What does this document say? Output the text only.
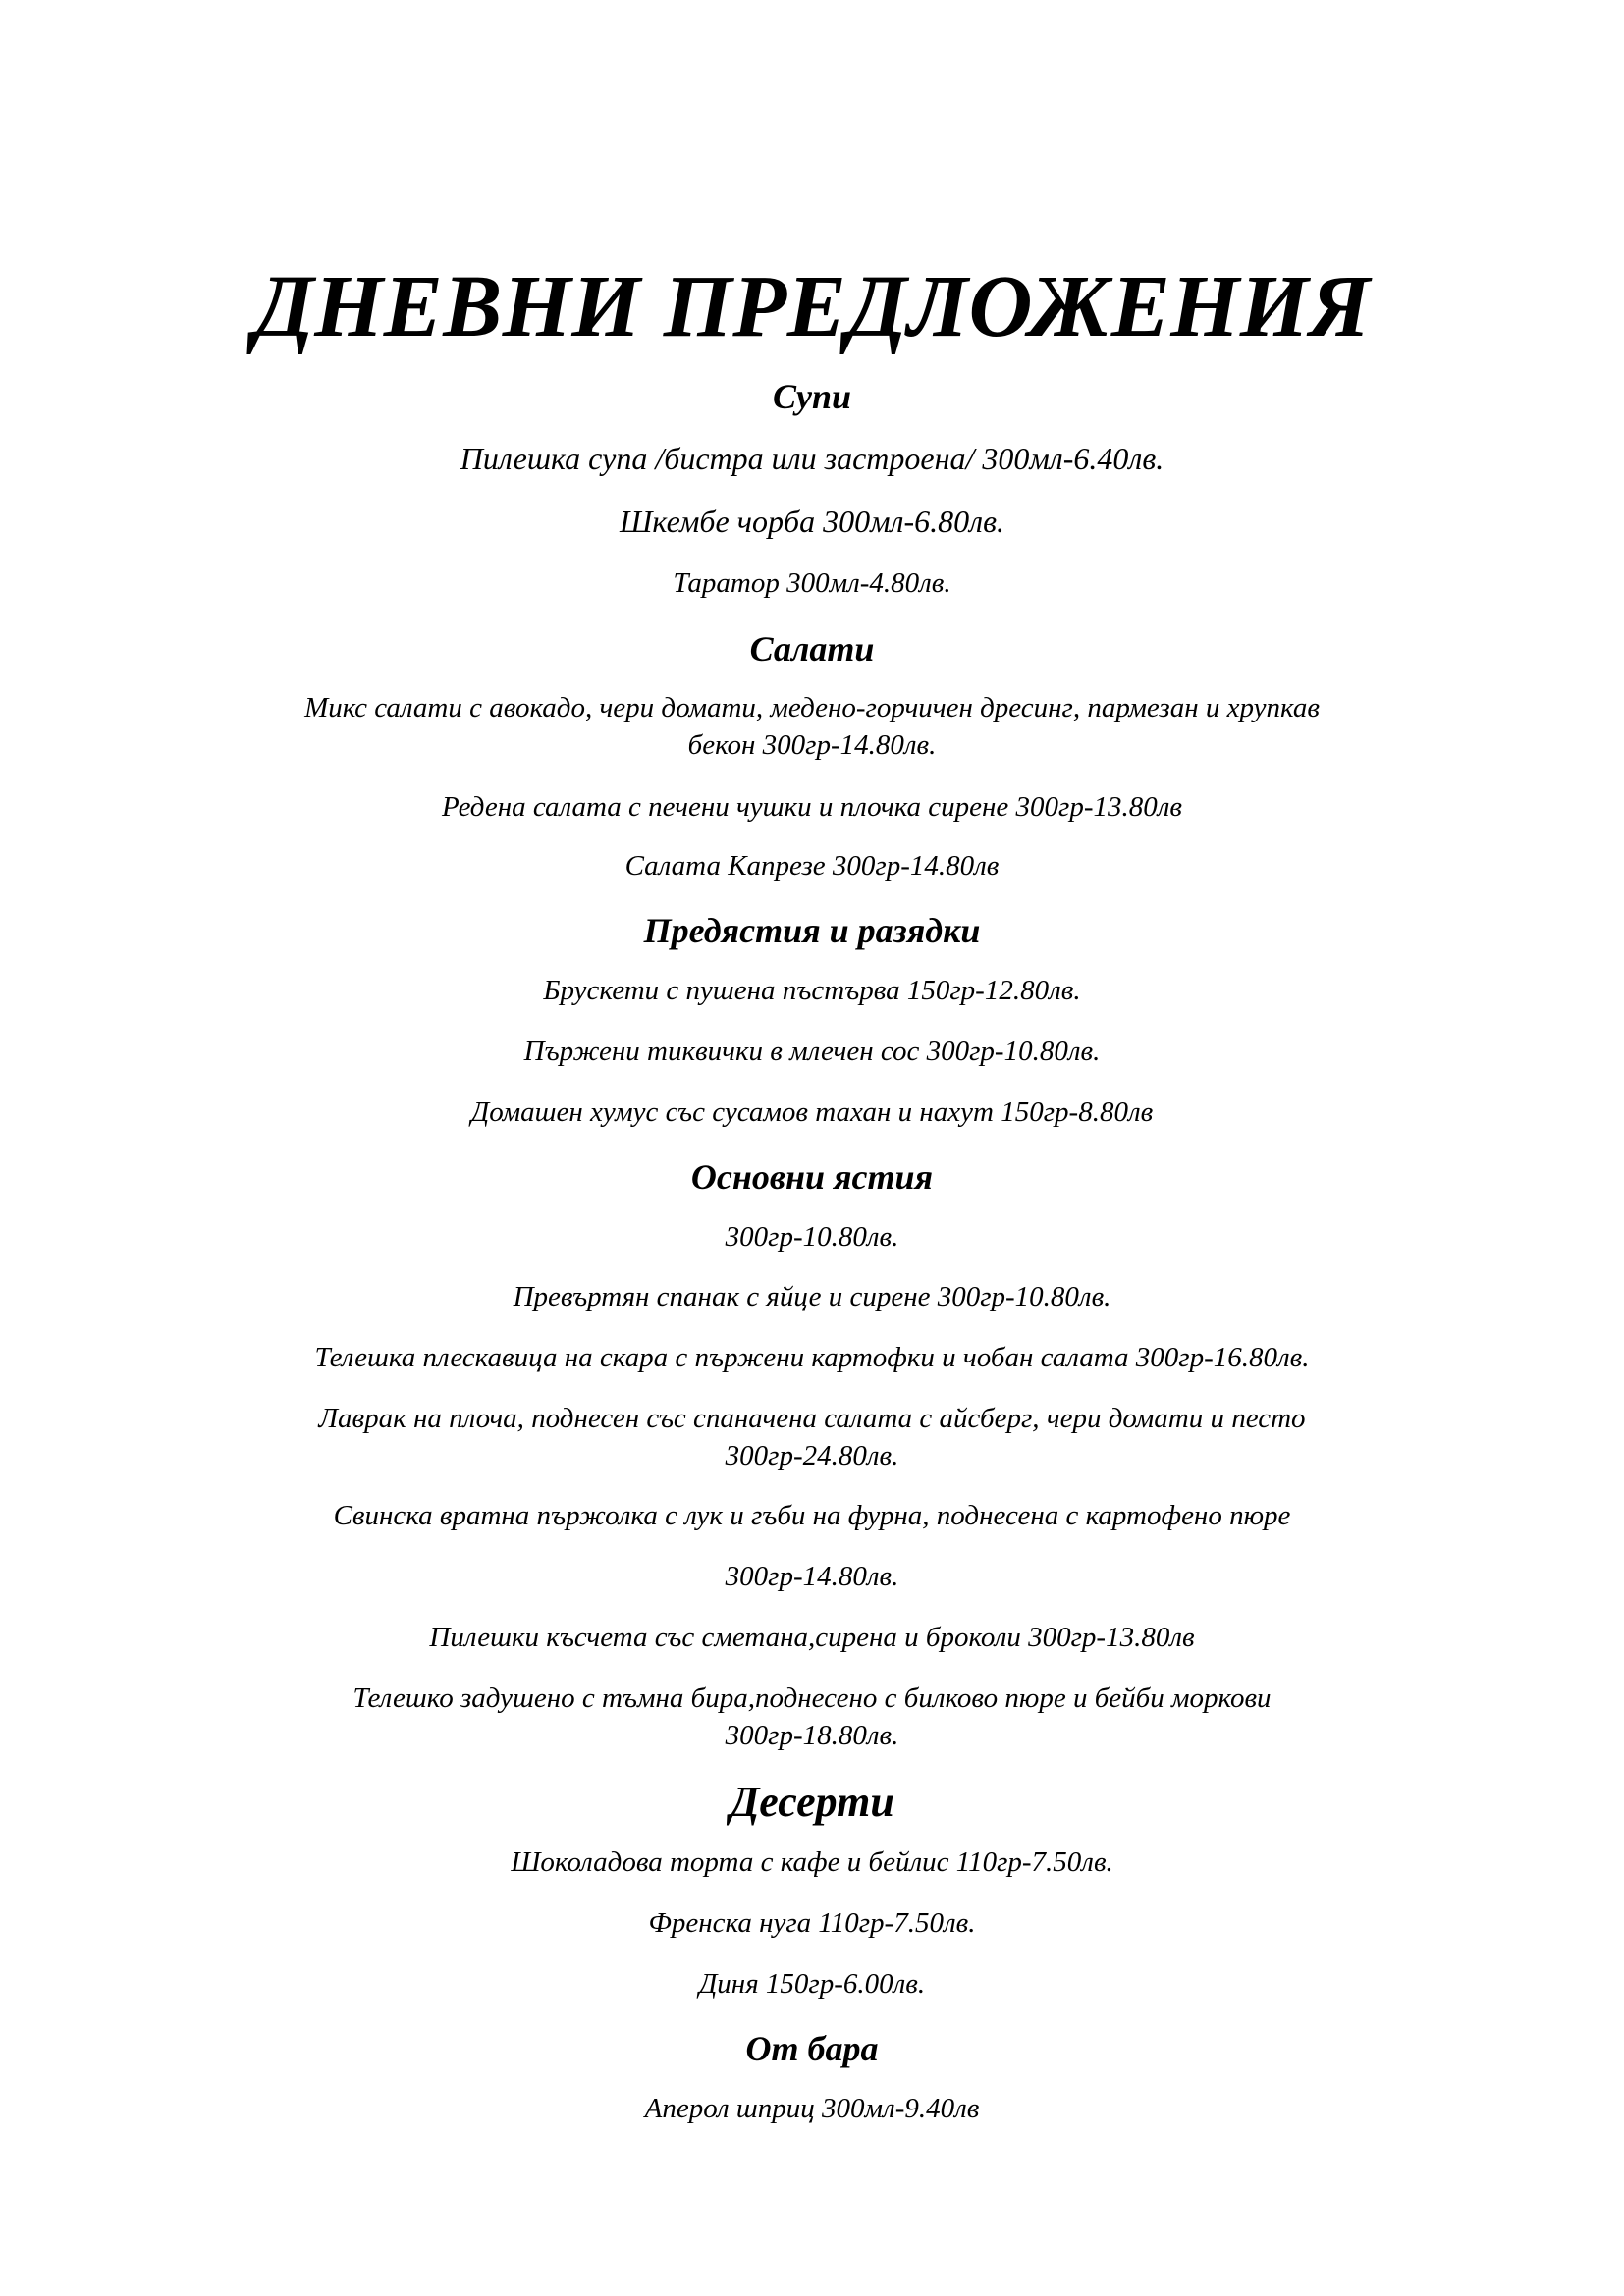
ДНЕВНИ ПРЕДЛОЖЕНИЯ
Супи
Пилешка супа /бистра или застроена/ 300мл-6.40лв.
Шкембе чорба 300мл-6.80лв.
Таратор 300мл-4.80лв.
Салати
Микс салати с авокадо, чери домати, медено-горчичен дресинг, пармезан и хрупкав
бекон 300гр-14.80лв.
Редена салата с печени чушки и плочка сирене 300гр-13.80лв
Салата Капрезе 300гр-14.80лв
Предястия и разядки
Брускети с пушена пъстърва 150гр-12.80лв.
Пържени тиквички в млечен сос 300гр-10.80лв.
Домашен хумус със сусамов тахан и нахут 150гр-8.80лв
Основни ястия
300гр-10.80лв.
Превъртян спанак с яйце и сирене 300гр-10.80лв.
Телешка плескавица на скара с пържени картофки и чобан салата 300гр-16.80лв.
Лаврак на плоча, поднесен със спаначена салата с айсберг, чери домати и песто
300гр-24.80лв.
Свинска вратна пържолка с лук и гъби на фурна, поднесена с картофено пюре
300гр-14.80лв.
Пилешки късчета със сметана,сирена и броколи 300гр-13.80лв
Телешко задушено с тъмна бира,поднесено с билково пюре и бейби моркови
300гр-18.80лв.
Десерти
Шоколадова торта с кафе и бейлис 110гр-7.50лв.
Френска нуга 110гр-7.50лв.
Диня 150гр-6.00лв.
От бара
Аперол шприц 300мл-9.40лв
